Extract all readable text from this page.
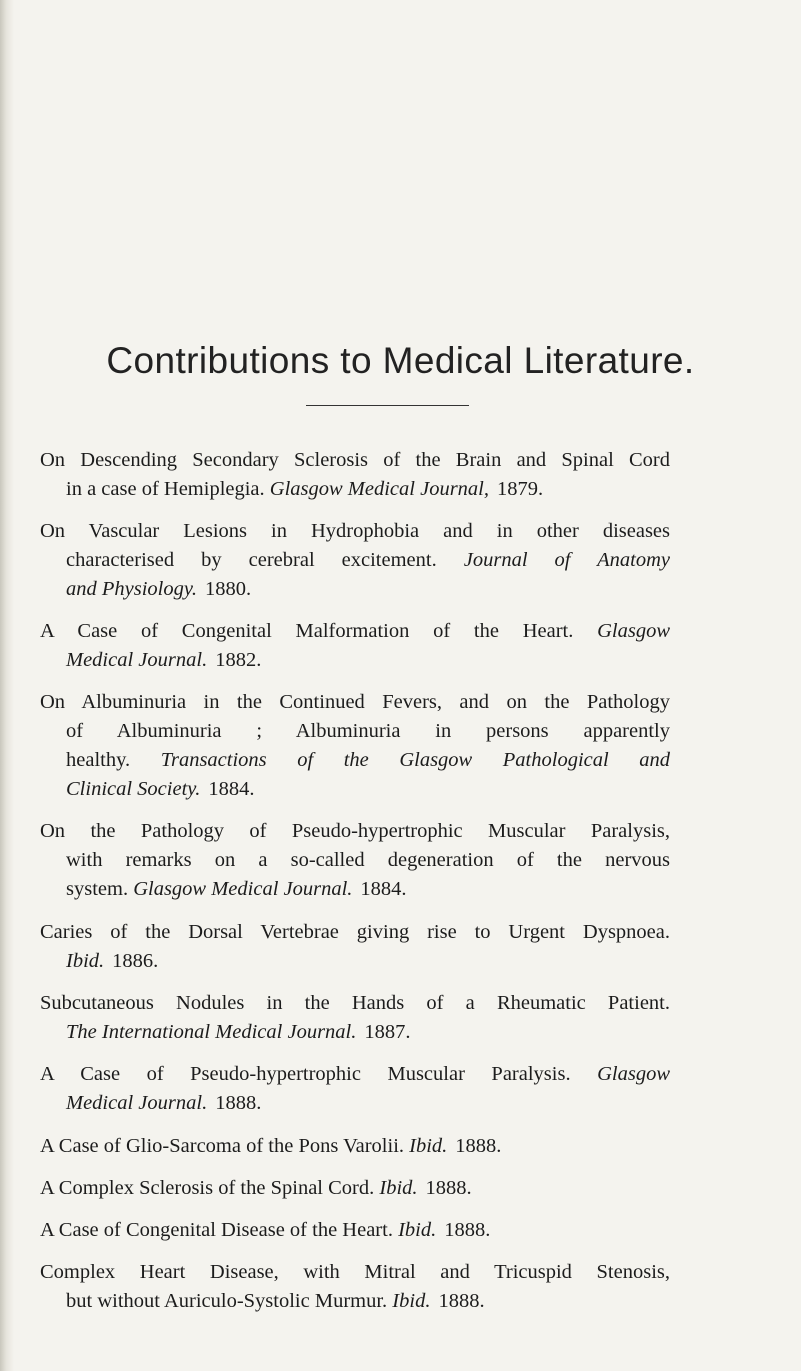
Contributions to Medical Literature.
On Descending Secondary Sclerosis of the Brain and Spinal Cord
in a case of Hemiplegia. Glasgow Medical Journal, 1879.
On Vascular Lesions in Hydrophobia and in other diseases
characterised by cerebral excitement. Journal of Anatomy
and Physiology. 1880.
A Case of Congenital Malformation of the Heart. Glasgow
Medical Journal. 1882.
On Albuminuria in the Continued Fevers, and on the Pathology
of Albuminuria ; Albuminuria in persons apparently
healthy. Transactions of the Glasgow Pathological and
Clinical Society. 1884.
On the Pathology of Pseudo-hypertrophic Muscular Paralysis,
with remarks on a so-called degeneration of the nervous
system. Glasgow Medical Journal. 1884.
Caries of the Dorsal Vertebrae giving rise to Urgent Dyspnoea.
Ibid. 1886.
Subcutaneous Nodules in the Hands of a Rheumatic Patient.
The International Medical Journal. 1887.
A Case of Pseudo-hypertrophic Muscular Paralysis. Glasgow
Medical Journal. 1888.
A Case of Glio-Sarcoma of the Pons Varolii. Ibid. 1888.
A Complex Sclerosis of the Spinal Cord. Ibid. 1888.
A Case of Congenital Disease of the Heart. Ibid. 1888.
Complex Heart Disease, with Mitral and Tricuspid Stenosis,
but without Auriculo-Systolic Murmur. Ibid. 1888.
